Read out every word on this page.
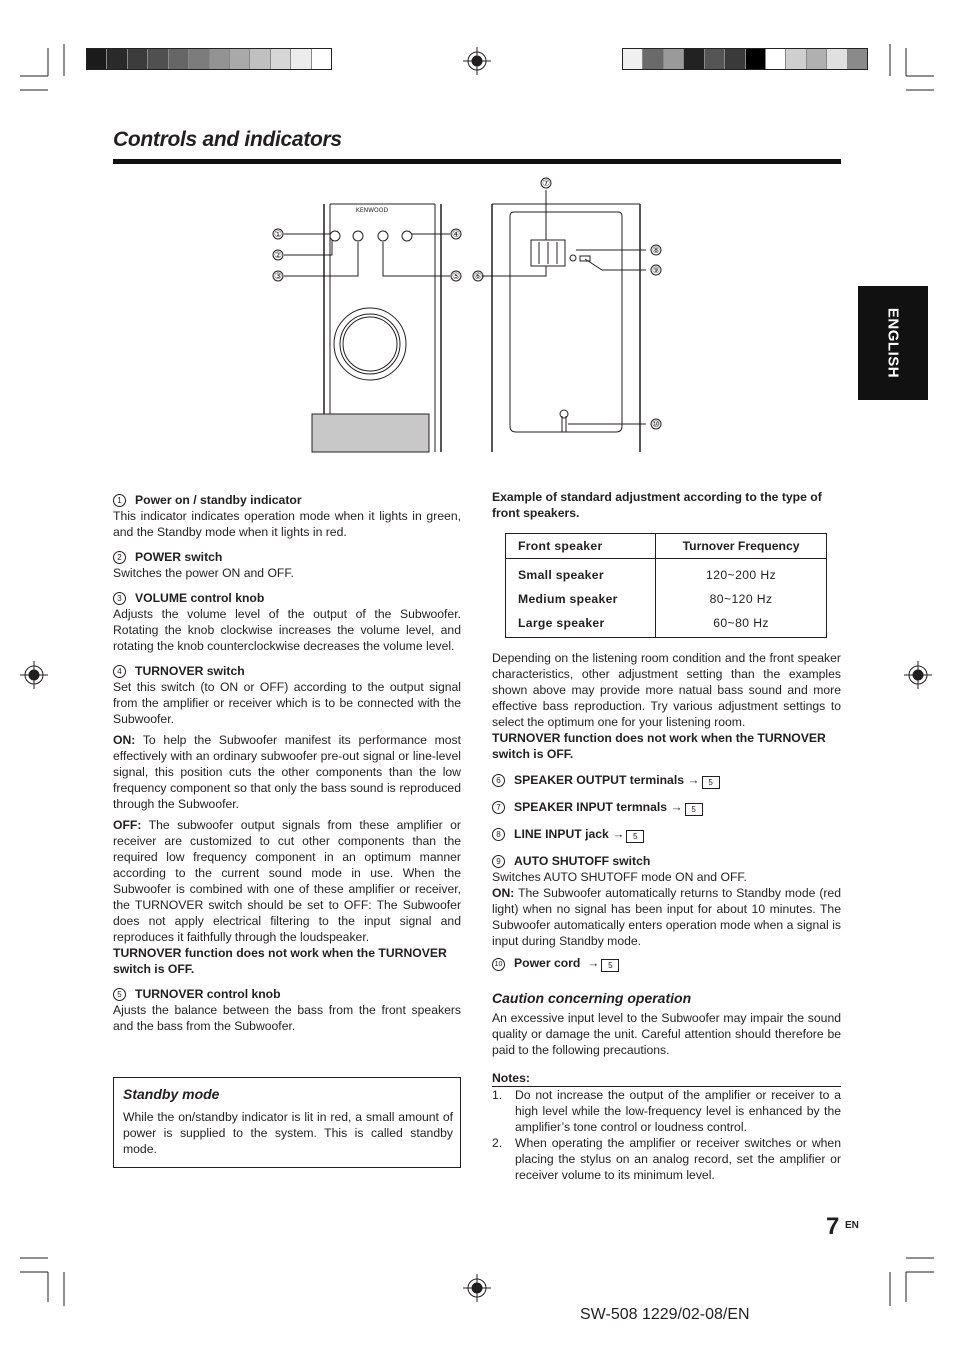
Controls and indicators
ENGLISH
KENWOOD
①
②
③
④
⑤
⑦
⑥
⑧
⑨
⑩
1 Power on / standby indicator
This indicator indicates operation mode when it lights in green, and the Standby mode when it lights in red.
2 POWER switch
Switches the power ON and OFF.
3 VOLUME control knob
Adjusts the volume level of the output of the Subwoofer. Rotating the knob clockwise increases the volume level, and rotating the knob counterclockwise decreases the volume level.
4 TURNOVER switch
Set this switch (to ON or OFF) according to the output signal from the amplifier or receiver which is to be connected with the Subwoofer.
ON: To help the Subwoofer manifest its performance most effectively with an ordinary subwoofer pre-out signal or line-level signal, this position cuts the other components than the low frequency component so that only the bass sound is reproduced through the Subwoofer.
OFF: The subwoofer output signals from these amplifier or receiver are customized to cut other components than the required low frequency component in an optimum manner according to the current sound mode in use. When the Subwoofer is combined with one of these amplifier or receiver, the TURNOVER switch should be set to OFF: The Subwoofer does not apply electrical filtering to the input signal and reproduces it faithfully through the loudspeaker.
TURNOVER function does not work when the TURNOVER switch is OFF.
5 TURNOVER control knob
Ajusts the balance between the bass from the front speakers and the bass from the Subwoofer.
Standby mode
While the on/standby indicator is lit in red, a small amount of power is supplied to the system. This is called standby mode.
Example of standard adjustment according to the type of front speakers.
Front speaker	Turnover Frequency
Small speaker	120~200 Hz
Medium speaker	80~120 Hz
Large speaker	60~80 Hz
Depending on the listening room condition and the front speaker characteristics, other adjustment setting than the examples shown above may provide more natual bass sound and more effective bass reproduction. Try various adjustment settings to select the optimum one for your listening room.
TURNOVER function does not work when the TURNOVER switch is OFF.
6 SPEAKER OUTPUT terminals → 5
7 SPEAKER INPUT termnals → 5
8 LINE INPUT jack → 5
9 AUTO SHUTOFF switch
Switches AUTO SHUTOFF mode ON and OFF.
ON: The Subwoofer automatically returns to Standby mode (red light) when no signal has been input for about 10 minutes. The Subwoofer automatically enters operation mode when a signal is input during Standby mode.
10 Power cord  → 5
Caution concerning operation
An excessive input level to the Subwoofer may impair the sound quality or damage the unit. Careful attention should therefore be paid to the following precautions.
Notes:
1.	Do not increase the output of the amplifier or receiver to a high level while the low-frequency level is enhanced by the amplifier’s tone control or loudness control.
2.	When operating the amplifier or receiver switches or when placing the stylus on an analog record, set the amplifier or receiver volume to its minimum level.
7 EN
SW-508 1229/02-08/EN
